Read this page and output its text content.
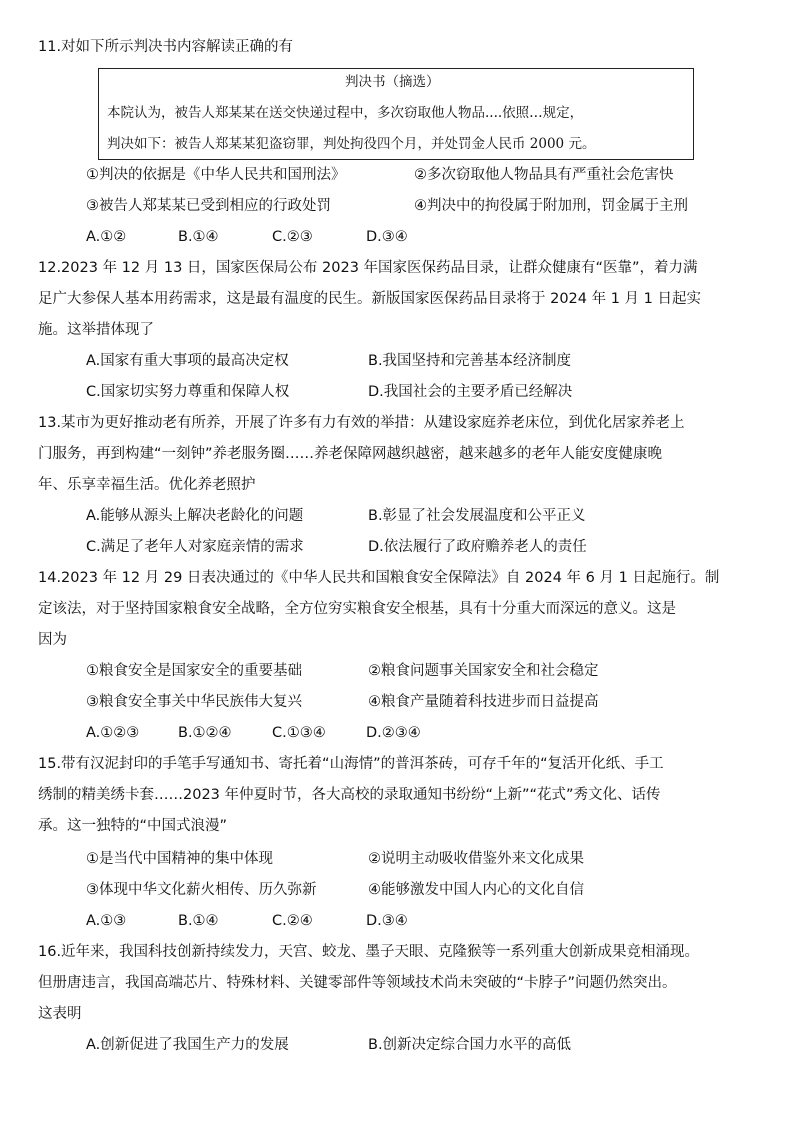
11.对如下所示判决书内容解读正确的有
判决书（摘选）
本院认为，被告人郑某某在送交快递过程中，多次窃取他人物品....依照…规定，
判决如下：被告人郑某某犯盗窃罪，判处拘役四个月，并处罚金人民币 2000 元。
①判决的依据是《中华人民共和国刑法》	②多次窃取他人物品具有严重社会危害快
③被告人郑某某已受到相应的行政处罚	④判决中的拘役属于附加刑，罚金属于主刑
A.①②	B.①④	C.②③	D.③④
12.2023 年 12 月 13 日，国家医保局公布 2023 年国家医保药品目录，让群众健康有“医靠”，着力满
足广大参保人基本用药需求，这是最有温度的民生。新版国家医保药品目录将于 2024 年 1 月 1 日起实
施。这举措体现了
A.国家有重大事项的最高决定权	B.我国坚持和完善基本经济制度
C.国家切实努力尊重和保障人权	D.我国社会的主要矛盾已经解决
13.某市为更好推动老有所养，开展了许多有力有效的举措：从建设家庭养老床位，到优化居家养老上
门服务，再到构建“一刻钟”养老服务圈……养老保障网越织越密，越来越多的老年人能安度健康晚
年、乐享幸福生活。优化养老照护
A.能够从源头上解决老龄化的问题	B.彰显了社会发展温度和公平正义
C.满足了老年人对家庭亲情的需求	D.依法履行了政府赡养老人的责任
14.2023 年 12 月 29 日表决通过的《中华人民共和国粮食安全保障法》自 2024 年 6 月 1 日起施行。制
定该法，对于坚持国家粮食安全战略，全方位穷实粮食安全根基，具有十分重大而深远的意义。这是
因为
①粮食安全是国家安全的重要基础	②粮食问题事关国家安全和社会稳定
③粮食安全事关中华民族伟大复兴	④粮食产量随着科技进步而日益提高
A.①②③	B.①②④	C.①③④	D.②③④
15.带有汉泥封印的手笔手写通知书、寄托着“山海情”的普洱茶砖，可存千年的“复活开化纸、手工
绣制的精美绣卡套……2023 年仲夏时节，各大高校的录取通知书纷纷“上新”“花式”秀文化、话传
承。这一独特的“中国式浪漫”
①是当代中国精神的集中体现	②说明主动吸收借鉴外来文化成果
③体现中华文化薪火相传、历久弥新	④能够激发中国人内心的文化自信
A.①③	B.①④	C.②④	D.③④
16.近年来，我国科技创新持续发力，天宫、蛟龙、墨子天眼、克隆猴等一系列重大创新成果竞相涌现。
但册唐违言，我国高端芯片、特殊材料、关键零部件等领域技术尚未突破的“卡脖子”问题仍然突出。
这表明
A.创新促进了我国生产力的发展	B.创新决定综合国力水平的高低
